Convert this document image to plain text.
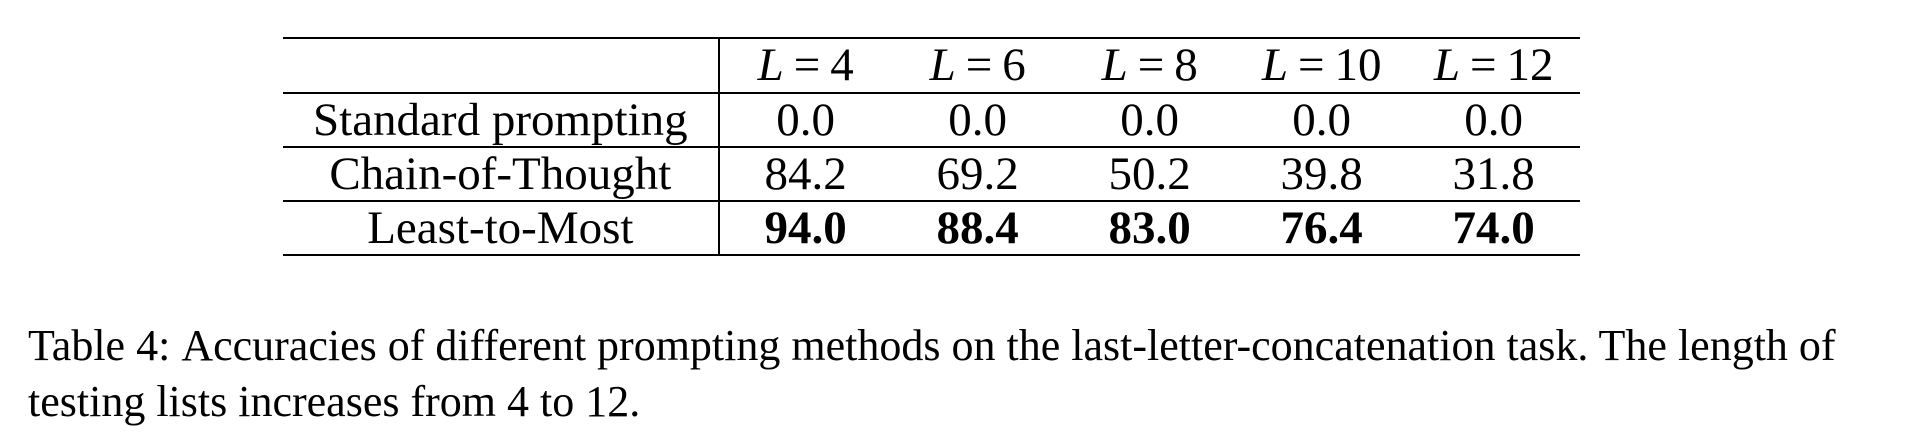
	L = 4	L = 6	L = 8	L = 10	L = 12
Standard prompting	0.0	0.0	0.0	0.0	0.0
Chain-of-Thought	84.2	69.2	50.2	39.8	31.8
Least-to-Most	94.0	88.4	83.0	76.4	74.0
Table 4: Accuracies of different prompting methods on the last-letter-concatenation task. The length of testing lists increases from 4 to 12.
